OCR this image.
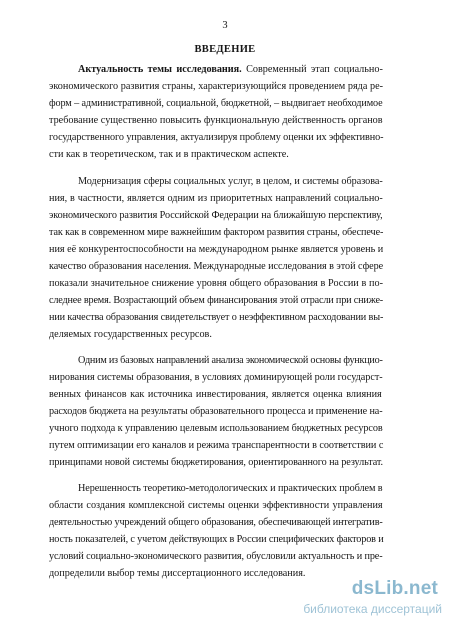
3
ВВЕДЕНИЕ
Актуальность темы исследования. Современный этап социально-
экономического развития страны, характеризующийся проведением ряда ре-
форм – административной, социальной, бюджетной, – выдвигает необходимое
требование существенно повысить функциональную действенность органов
государственного управления, актуализируя проблему оценки их эффективно-
сти как в теоретическом, так и в практическом аспекте.
Модернизация сферы социальных услуг, в целом, и системы образова-
ния, в частности, является одним из приоритетных направлений социально-
экономического развития Российской Федерации на ближайшую перспективу,
так как в современном мире важнейшим фактором развития страны, обеспече-
ния её конкурентоспособности на международном рынке является уровень и
качество образования населения. Международные исследования в этой сфере
показали значительное снижение уровня общего образования в России в по-
следнее время. Возрастающий объем финансирования этой отрасли при сниже-
нии качества образования свидетельствует о неэффективном расходовании вы-
деляемых государственных ресурсов.
Одним из базовых направлений анализа экономической основы функцио-
нирования системы образования, в условиях доминирующей роли государст-
венных финансов как источника инвестирования, является оценка влияния
расходов бюджета на результаты образовательного процесса и применение на-
учного подхода к управлению целевым использованием бюджетных ресурсов
путем оптимизации его каналов и режима транспарентности в соответствии с
принципами новой системы бюджетирования, ориентированного на результат.
Нерешенность теоретико-методологических и практических проблем в
области создания комплексной системы оценки эффективности управления
деятельностью учреждений общего образования, обеспечивающей интегратив-
ность показателей, с учетом действующих в России специфических факторов и
условий социально-экономического развития, обусловили актуальность и пре-
допределили выбор темы диссертационного исследования.
dsLib.net
библиотека диссертаций
